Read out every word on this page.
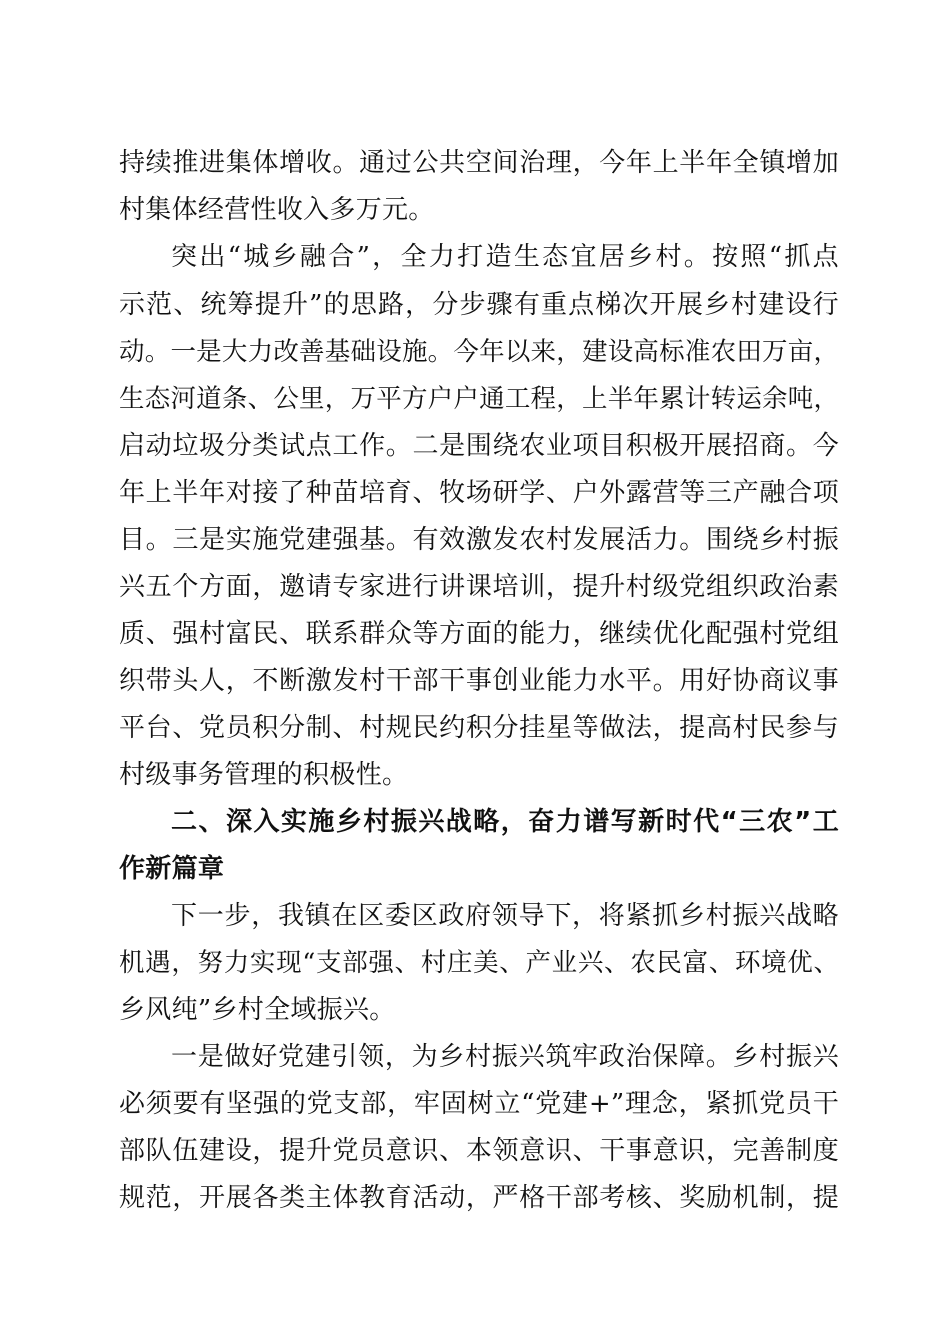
持续推进集体增收。通过公共空间治理，今年上半年全镇增加
村集体经营性收入多万元。
突出“城乡融合”，全力打造生态宜居乡村。按照“抓点
示范、统筹提升”的思路，分步骤有重点梯次开展乡村建设行
动。一是大力改善基础设施。今年以来，建设高标准农田万亩，
生态河道条、公里，万平方户户通工程，上半年累计转运余吨，
启动垃圾分类试点工作。二是围绕农业项目积极开展招商。今
年上半年对接了种苗培育、牧场研学、户外露营等三产融合项
目。三是实施党建强基。有效激发农村发展活力。围绕乡村振
兴五个方面，邀请专家进行讲课培训，提升村级党组织政治素
质、强村富民、联系群众等方面的能力，继续优化配强村党组
织带头人，不断激发村干部干事创业能力水平。用好协商议事
平台、党员积分制、村规民约积分挂星等做法，提高村民参与
村级事务管理的积极性。
二、深入实施乡村振兴战略，奋力谱写新时代“三农”工
作新篇章
下一步，我镇在区委区政府领导下，将紧抓乡村振兴战略
机遇，努力实现“支部强、村庄美、产业兴、农民富、环境优、
乡风纯”乡村全域振兴。
一是做好党建引领，为乡村振兴筑牢政治保障。乡村振兴
必须要有坚强的党支部，牢固树立“党建+”理念，紧抓党员干
部队伍建设，提升党员意识、本领意识、干事意识，完善制度
规范，开展各类主体教育活动，严格干部考核、奖励机制，提
